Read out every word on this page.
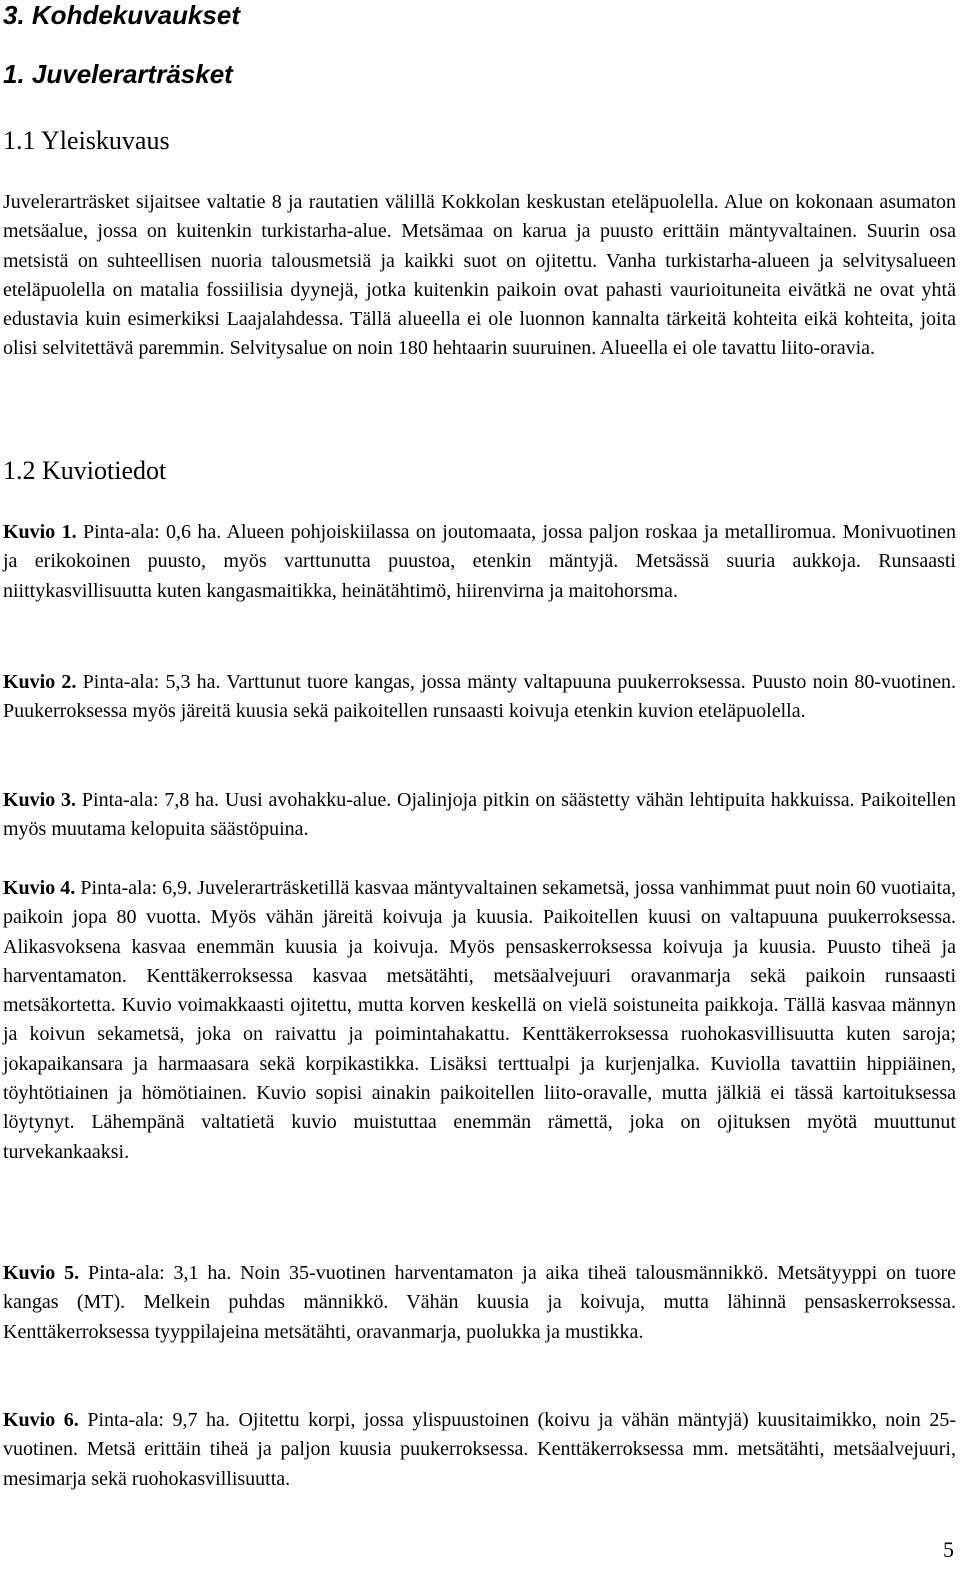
3. Kohdekuvaukset
1. Juvelerarträsket
1.1 Yleiskuvaus

Juvelerarträsket sijaitsee valtatie 8 ja rautatien välillä Kokkolan keskustan eteläpuolella. Alue on kokonaan asumaton metsäalue, jossa on kuitenkin turkistarha-alue. Metsämaa on karua ja puusto erittäin mäntyvaltainen. Suurin osa metsistä on suhteellisen nuoria talousmetsiä ja kaikki suot on ojitettu. Vanha turkistarha-alueen ja selvitysalueen eteläpuolella on matalia fossiilisia dyynejä, jotka kuitenkin paikoin ovat pahasti vaurioituneita eivätkä ne ovat yhtä edustavia kuin esimerkiksi Laajalahdessa. Tällä alueella ei ole luonnon kannalta tärkeitä kohteita eikä kohteita, joita olisi selvitettävä paremmin. Selvitysalue on noin 180 hehtaarin suuruinen. Alueella ei ole tavattu liito-oravia.

1.2 Kuviotiedot

Kuvio 1. Pinta-ala: 0,6 ha. Alueen pohjoiskiilassa on joutomaata, jossa paljon roskaa ja metalliromua. Monivuotinen ja erikokoinen puusto, myös varttunutta puustoa, etenkin mäntyjä. Metsässä suuria aukkoja. Runsaasti niittykasvillisuutta kuten kangasmaitikka, heinätähtimö, hiirenvirna ja maitohorsma.

Kuvio 2. Pinta-ala: 5,3 ha. Varttunut tuore kangas, jossa mänty valtapuuna puukerroksessa. Puusto noin 80-vuotinen. Puukerroksessa myös järeitä kuusia sekä paikoitellen runsaasti koivuja etenkin kuvion eteläpuolella.

Kuvio 3. Pinta-ala: 7,8 ha. Uusi avohakku-alue. Ojalinjoja pitkin on säästetty vähän lehtipuita hakkuissa. Paikoitellen myös muutama kelopuita säästöpuina.

Kuvio 4. Pinta-ala: 6,9. Juvelerarträsketillä kasvaa mäntyvaltainen sekametsä, jossa vanhimmat puut noin 60 vuotiaita, paikoin jopa 80 vuotta. Myös vähän järeitä koivuja ja kuusia. Paikoitellen kuusi on valtapuuna puukerroksessa. Alikasvoksena kasvaa enemmän kuusia ja koivuja. Myös pensaskerroksessa koivuja ja kuusia. Puusto tiheä ja harventamaton. Kenttäkerroksessa kasvaa metsätähti, metsäalvejuuri oravanmarja sekä paikoin runsaasti metsäkortetta. Kuvio voimakkaasti ojitettu, mutta korven keskellä on vielä soistuneita paikkoja. Tällä kasvaa männyn ja koivun sekametsä, joka on raivattu ja poimintahakattu. Kenttäkerroksessa ruohokasvillisuutta kuten saroja; jokapaikansara ja harmaasara sekä korpikastikka. Lisäksi terttualpi ja kurjenjalka. Kuviolla tavattiin hippiäinen, töyhtötiainen ja hömötiainen. Kuvio sopisi ainakin paikoitellen liito-oravalle, mutta jälkiä ei tässä kartoituksessa löytynyt. Lähempänä valtatietä kuvio muistuttaa enemmän rämettä, joka on ojituksen myötä muuttunut turvekankaaksi.

Kuvio 5. Pinta-ala: 3,1 ha. Noin 35-vuotinen harventamaton ja aika tiheä talousmännikkö. Metsätyyppi on tuore kangas (MT). Melkein puhdas männikkö. Vähän kuusia ja koivuja, mutta lähinnä pensaskerroksessa. Kenttäkerroksessa tyyppilajeina metsätähti, oravanmarja, puolukka ja mustikka.

Kuvio 6. Pinta-ala: 9,7 ha. Ojitettu korpi, jossa ylispuustoinen (koivu ja vähän mäntyjä) kuusitaimikko, noin 25-vuotinen. Metsä erittäin tiheä ja paljon kuusia puukerroksessa. Kenttäkerroksessa mm. metsätähti, metsäalvejuuri, mesimarja sekä ruohokasvillisuutta.

5
